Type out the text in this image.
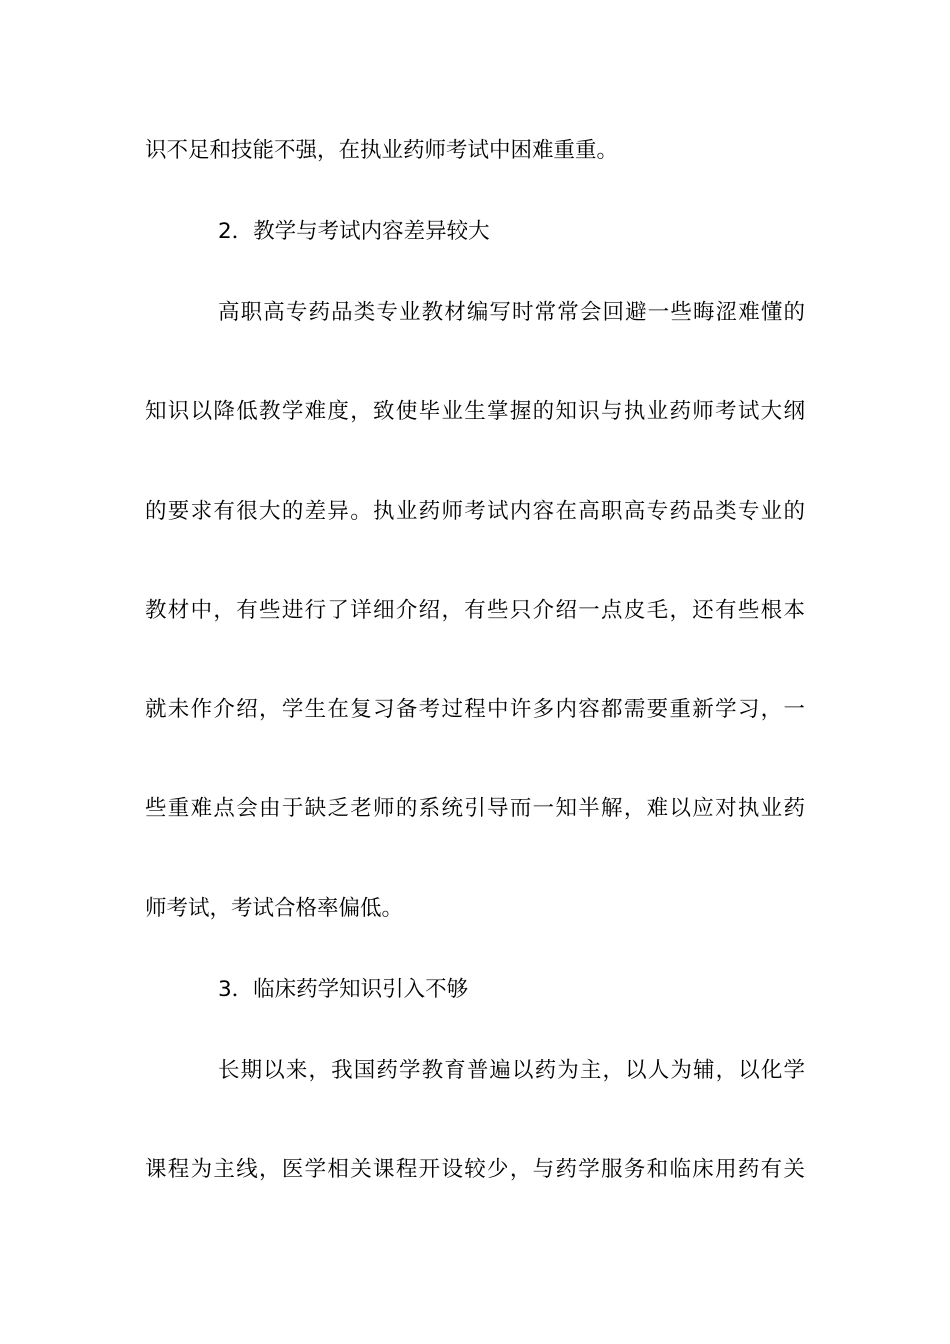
识不足和技能不强，在执业药师考试中困难重重。
2．教学与考试内容差异较大
高职高专药品类专业教材编写时常常会回避一些晦涩难懂的
知识以降低教学难度，致使毕业生掌握的知识与执业药师考试大纲
的要求有很大的差异。执业药师考试内容在高职高专药品类专业的
教材中，有些进行了详细介绍，有些只介绍一点皮毛，还有些根本
就未作介绍，学生在复习备考过程中许多内容都需要重新学习，一
些重难点会由于缺乏老师的系统引导而一知半解，难以应对执业药
师考试，考试合格率偏低。
3．临床药学知识引入不够
长期以来，我国药学教育普遍以药为主，以人为辅，以化学
课程为主线，医学相关课程开设较少，与药学服务和临床用药有关
